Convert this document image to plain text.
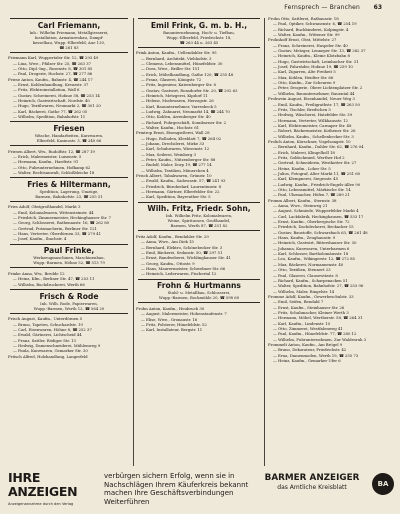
Fernsprech — Branchen 63
Carl Friemann,
Inh.: Wilhelm Friemann, Metallgiesserei,
Installation, Armaturenbau, Dampf-
kesselbau, Wupp.-Elberfeld, Aue 120,
☎ 261 83
Friemann Karl, Wuppertaler Str. 12, ☎ 293 49
— Lina, Wwe., Pfälzer Str. 25, ☎ 263 37
— Otto, Dipl.-Ing., Rosenstr. 8, ☎ 301 85
— Paul, Drogerie, Hochstr. 27, ☎ 277 86
Friese Anton, Kaufm., Bahnstr. 4, ☎ 244 17
— Ernst, Kohlenhandlung, Kreuzstr. 37
— Fritz, Elektroinstallation, Wall 6
— Gustav, Schreinerei, Hofaue 58, ☎ 253 14
— Heinrich, Gastwirtschaft, Nordstr. 40
— Hugo, Textilwaren, Neumarkt 2, ☎ 301 20
— Karl, Bäckerei, Gathe 77, ☎ 262 05
— Wilhelm, Spedition, Bahnhofstr. 11
Friesen
Wäsche, Handarbeiten, Kurzwaren,
Elberfeld, Kasinostr. 3, ☎ 240 66
Friesen Albert, Ww., Rudolfstr. 12, ☎ 287 19
— Erich, Malermeister, Luisenstr. 5
— Hermann, Kaufm., Hardtstr. 91
— Otto, Fuhrunternehmen, Hofkamp 62
— Walter, Rechtsanwalt, Schloßbleiche 18
Fries & Hiltermann,
Spedition, Lagerung, Umzüge,
Barmen, Bahnhofstr. 23, ☎ 255 51
Fries Adolf, Obstgroßhandel, Markt 3
— Emil, Kolonialwaren, Wittensteinstr. 44
— Friedrich, Zimmermeister, Heckinghauser Str. 7
— Georg, Schlosserei, Rathenaustr. 16, ☎ 262 80
— Gertrud, Putzmacherin, Berliner Str. 121
— Hans, Vertreter, Oberdörnen 33, ☎ 279 41
— Josef, Kaufm., Ibachstr. 4
Paul Frinke,
Werkzeugmaschinen, Maschinenbau,
Wupp.-Barmen, Höhne 52, ☎ 513 79
Frinke Anna, Ww., Bredde 12
— Heinz, Kfm., Berliner Str. 47, ☎ 253 11
— Wilhelm, Buchdruckerei, Werth 66
Frisch & Rode
Inh. Wilh. Rode, Papierwaren,
Wupp.-Barmen, Werth 12, ☎ 564 20
Frisch August, Kaufm., Unterdörnen 5
— Bruno, Tapeten, Schuchardstr. 19
— Carl, Eisenwaren, Höhne 8, ☎ 252 37
— Ewald, Gärtnerei, Lichtscheid 44
— Franz, Sattler, Rödiger Str. 13
— Hedwig, Damenschneiderei, Mühlenweg 9
— Paula, Kurzwaren, Gemarker Str. 30
Fritsch Alfred, Holzhandlung, Langerfeld
Emil Frink, G. m. b. H.,
Bauunternehmung, Hoch- u. Tiefbau,
Wupp.-Elberfeld, Friedrichstr. 18,
☎ 263 44 u. 263 45
Frink Anton, Kaufm., Uellendahler Str. 95
— Bernhard, Architekt, Viehhofstr. 3
— Clemens, Lebensmittel, Hünefeldstr. 30
— Dora, Wwe., Briller Str. 151
— Erich, Möbelhandlung, Gathe 120, ☎ 255 48
— Franz, Glaserei, Königstr. 72
— Fritz, Ingenieur, Katernberger Str. 8
— Gustav, Gastwirt, Ronsdorfer Str. 20, ☎ 292 63
— Heinrich, Metzgerei, Kipdorf 11
— Helene, Modewaren, Herzogstr. 26
— Karl, Bauunternehmer, Varresbeck 5
— Ludwig, Zahnarzt, Neumarkt 14, ☎ 244 70
— Otto, Kohlen, Arrenberger Str. 40
— Richard, Fuhrgeschäft, Sonnborner Str. 2
— Walter, Kaufm., Hochstr. 61
Frintrop Ernst, Eisengießerei, Wall 28
— Hugo, Rolladen, Kleeblatt 7, ☎ 264 02
— Johann, Drechslerei, Mirke 33
— Karl, Schuhwaren, Wiesenstr. 12
— Max, Seilerei, Weinberg 3
— Peter, Kaufm., Nützenberger Str. 88
— Rudolf, Maler, Dorp 19, ☎ 277 14
— Wilhelm, Textilien, Mäuerchen 4
Frisch Albert, Tabakwaren, Grünstr. 10
— Ewald, Kaufm., Sadowastr. 57, ☎ 241 93
— Friedrich, Bürobedarf, Laurentiusstr. 8
— Hermann, Gärtner, Elberfelder Str. 22
— Karl, Spedition, Bayreuther Str. 5
Wilh. Fritz, Friedr. Sohn,
Inh. Wilhelm Fritz, Kolonialwaren,
Weine, Spirituosen, Großhandel,
Barmen, Werth 87, ☎ 251 82
Fritz Adolf, Kaufm., Bendahler Str. 29
— Anna, Wwe., Am Diek 15
— Bernhard, Elektro, Schönebecker Str. 3
— Emil, Bäckerei, Sedanstr. 50, ☎ 297 51
— Ernst, Bandweberei, Wichlinghauser Str. 41
— Georg, Kaufm., Ottostr. 9
— Hans, Maurermeister, Schwelmer Str. 66
— Heinrich, Lederwaren, Fischertal 12
Frohn & Hurtmanns
Stahl- u. Metallbau, Schlosserei,
Wupp.-Barmen, Bockmühle 20, ☎ 598 60
Frohn Anton, Kaufm., Heubruch 30
— August, Malermeister, Hohenstaufenstr. 7
— Elise, Wwe., Gronaustr. 16
— Fritz, Polsterer, Hünefeldstr. 52
— Karl, Installateur, Bergstr. 11
Frohn Otto, Sattlerei, Rathausstr. 18
— Paul, Optiker, Schwanenstr. 6, ☎ 254 19
— Richard, Buchbinderei, Kolpingstr. 4
— Walter, Kaufm., Wittener Str. 99
Frohnhoff Ernst, Obst, Mittelstr. 27
— Franz, Schreinerei, Haspeler Str. 40
— Gustav, Metzger, Lenneper Str. 13, ☎ 282 37
— Heinrich, Kaufm., Kleine Klotzbahn 8
— Hugo, Gastwirtschaft, Leimbacher Str. 31
— Josef, Fahrräder, Hofaue 19, ☎ 259 10
— Karl, Zigarren, Alte Freiheit 5
— Max, Kohlen, Heidter Str. 66
— Otto, Kaufm., Zur Scheuren 9
— Peter, Drogerie, Obere Lichtenplatzer Str. 2
— Wilhelm, Bauunternehmer, Rauental 44
Frohwein August, Eisenhandel, Neuer Weg 3
— Emil, Kaufm., Freiligrathstr. 17, ☎ 263 50
— Fritz, Tischler, Bredtchen 5
— Hedwig, Wäscherei, Hatzfelder Str. 39
— Hermann, Vertreter, Wilkhausstr. 12
— Karl, Elektromeister, Carnaper Str. 48
— Robert, Bäckermeister, Kothener Str. 26
— Wilhelm, Kaufm., Schellenbecker Str. 3
Frolich Anton, Kürschner, Vogelsangstr. 10
— Bernhard, Kaufm., Dahler Str. 62, ☎ 276 04
— Erich, Malerei, Klingelholl 18
— Fritz, Goldschmied, Werther Hof 2
— Gertrud, Schneiderin, Westkotter Str. 27
— Heinz, Kaufm., Loher Str. 5
— Julius, Fotograf, Alter Markt 11, ☎ 251 60
— Karl, Klempnerei, Siegesstr. 45
— Ludwig, Kaufm., Friedrich-Engels-Allee 90
— Otto, Lebensmittel, Märkische Str. 14
— Paul, Uhrmacher, Höfen 7, ☎ 289 21
Fromm Albert, Kaufm., Sternstr. 38
— Anna, Wwe., Steinweg 21
— August, Schmiede, Wupperfelder Markt 4
— Carl, Lackfabrik, Heckinghausen, ☎ 533 17
— Ernst, Kaufm., Oberbergische Str. 72
— Friedrich, Dachdeckerei, Beckacker 15
— Gustav, Baustoffe, Schwarzbach 63, ☎ 261 48
— Hans, Kaufm., Zeughausstr. 9
— Heinrich, Gastwirt, Rittershauser Str. 30
— Johanna, Kurzwaren, Unterbarmen 6
— Karl, Schlosser, Bartholomäusstr. 18
— Leo, Kaufm., Wikingerstr. 12, ☎ 272 85
— Max, Bäckerei, Normannenstr. 40
— Otto, Textilien, Stennert 23
— Paul, Glaserei, Clausewitzstr. 8
— Richard, Kaufm., Scharpenacken 51
— Walter, Spedition, Bahnhofstr. 27, ☎ 253 96
— Wilhelm, Maler, Ringelstr. 14
Fromme Adolf, Kaufm., Gewerbeschulstr. 33
— Emil, Seifen, Bendahl 7
— Ernst, Kaufm., Steinhauser Str. 26
— Fritz, Schuhmacher, Kleiner Werth 3
— Hermann, Möbel, Wertherstr. 58, ☎ 264 31
— Karl, Kaufm., Lindenstr. 10
— Otto, Zimmerei, Westfalenweg 41
— Paul, Kaufm., Hünefeldstr. 77, ☎ 280 12
— Wilhelm, Fuhrunternehmen, Zur Waldesruh 3
Frommelt Anton, Kaufm., Am Brögel 9
— Bruno, Dekorateur, Friedrichstr. 42
— Erna, Damenmoden, Werth 19, ☎ 255 73
— Heinz, Kaufm., Gemarker Ufer 6
IHRE ANZEIGEN
Anzeigenannahme durch den Verlag
verbürgen sichern Erfolg, wenn sie in Nachschlägen Ihrem Käuferkreis bekannt machen Ihre Geschäftsverbindungen Weiterführen
BARMER ANZEIGER
das Amtliche Kreisblatt	BA
